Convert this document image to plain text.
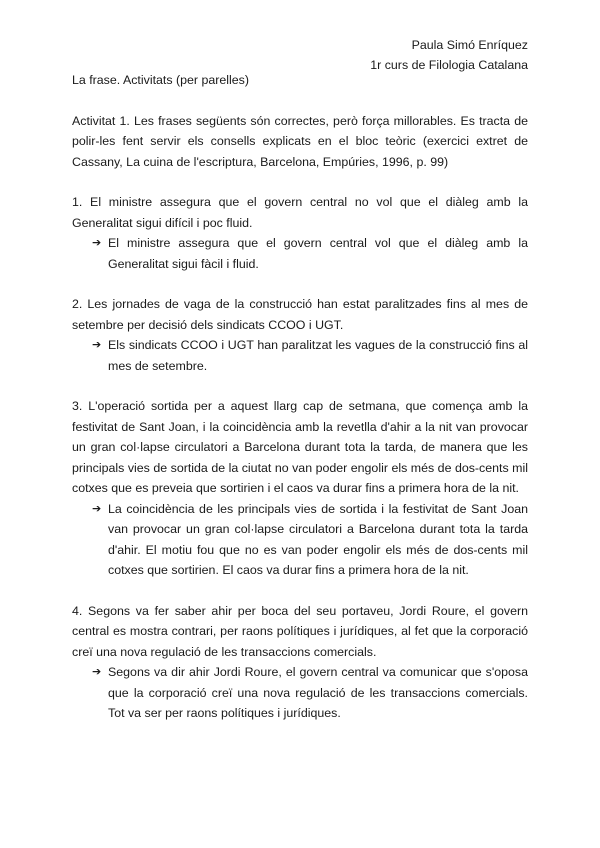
Paula Simó Enríquez
1r curs de Filologia Catalana

La frase. Activitats (per parelles)

Activitat 1. Les frases següents són correctes, però força millorables. Es tracta de polir-les fent servir els consells explicats en el bloc teòric (exercici extret de Cassany, La cuina de l'escriptura, Barcelona, Empúries, 1996, p. 99)

1. El ministre assegura que el govern central no vol que el diàleg amb la Generalitat sigui difícil i poc fluid.

➔ El ministre assegura que el govern central vol que el diàleg amb la Generalitat sigui fàcil i fluid.

2. Les jornades de vaga de la construcció han estat paralitzades fins al mes de setembre per decisió dels sindicats CCOO i UGT.

➔ Els sindicats CCOO i UGT han paralitzat les vagues de la construcció fins al mes de setembre.

3. L'operació sortida per a aquest llarg cap de setmana, que comença amb la festivitat de Sant Joan, i la coincidència amb la revetlla d'ahir a la nit van provocar un gran col·lapse circulatori a Barcelona durant tota la tarda, de manera que les principals vies de sortida de la ciutat no van poder engolir els més de dos-cents mil cotxes que es preveia que sortirien i el caos va durar fins a primera hora de la nit.

➔ La coincidència de les principals vies de sortida i la festivitat de Sant Joan van provocar un gran col·lapse circulatori a Barcelona durant tota la tarda d'ahir. El motiu fou que no es van poder engolir els més de dos-cents mil cotxes que sortirien. El caos va durar fins a primera hora de la nit.

4. Segons va fer saber ahir per boca del seu portaveu, Jordi Roure, el govern central es mostra contrari, per raons polítiques i jurídiques, al fet que la corporació creï una nova regulació de les transaccions comercials.

➔ Segons va dir ahir Jordi Roure, el govern central va comunicar que s'oposa que la corporació creï una nova regulació de les transaccions comercials. Tot va ser per raons polítiques i jurídiques.
